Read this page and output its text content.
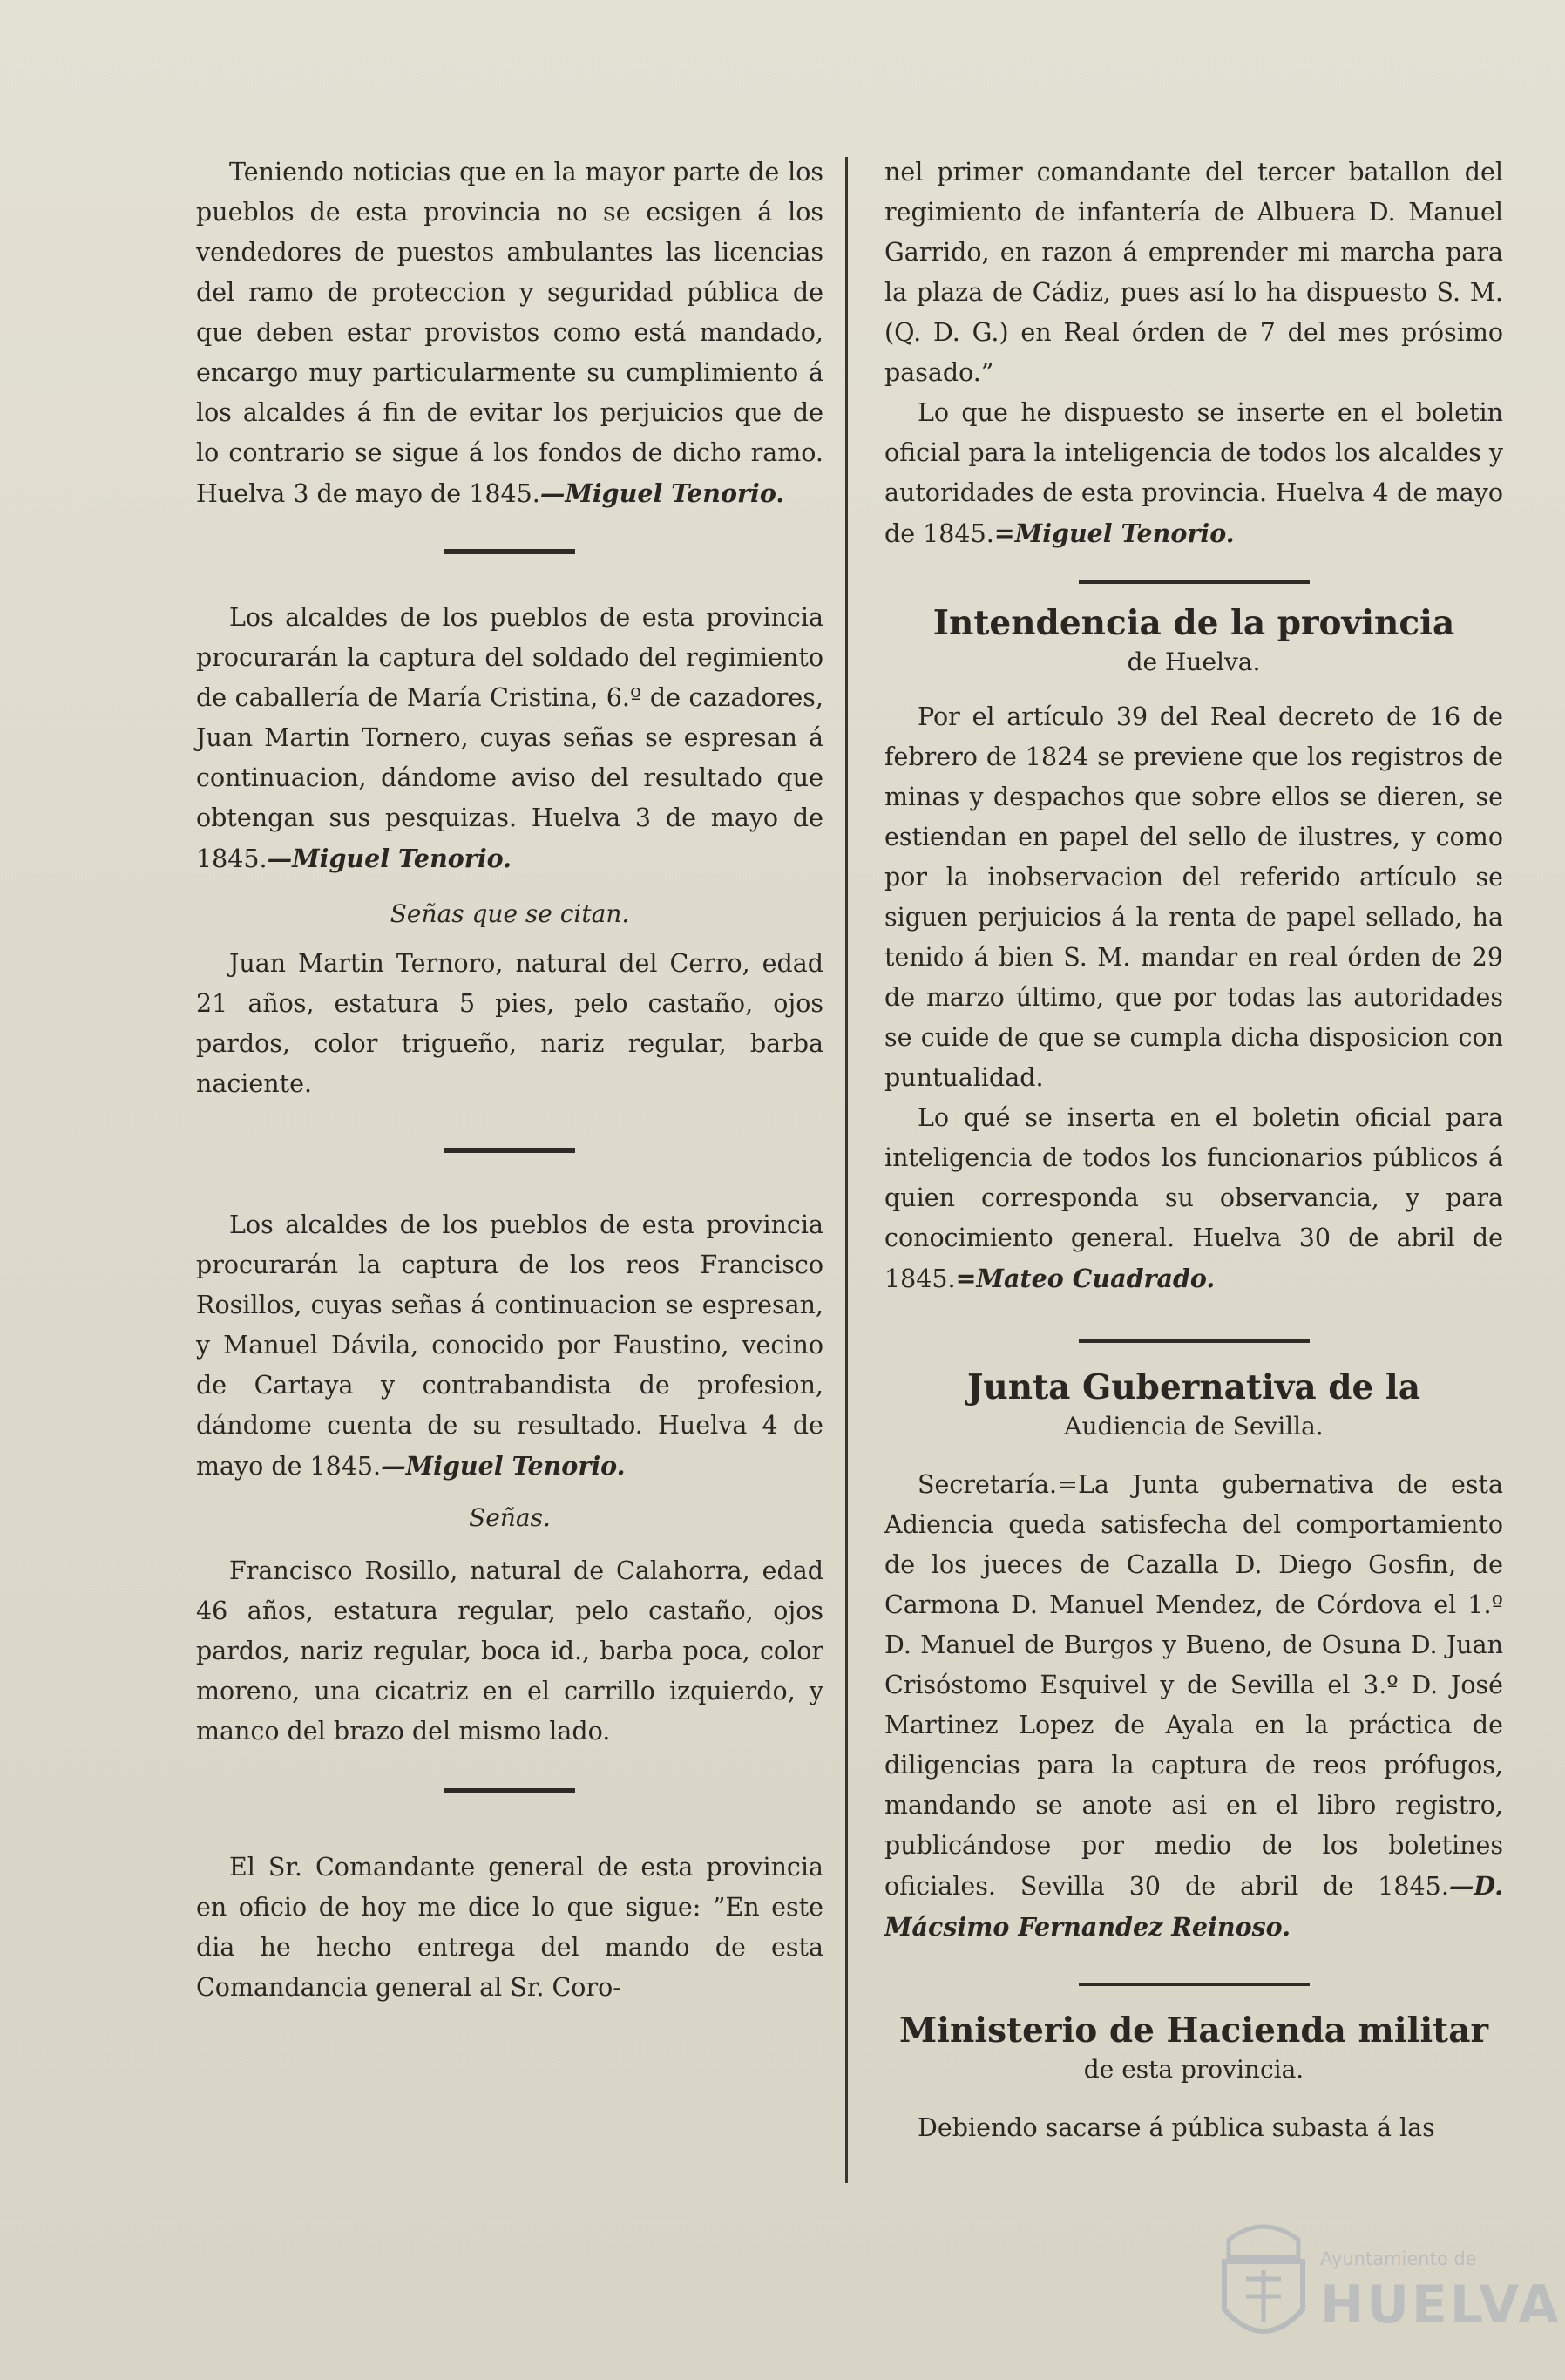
Teniendo noticias que en la mayor parte de los pueblos de esta provincia no se ecsigen á los vendedores de puestos ambulantes las licencias del ramo de proteccion y seguridad pública de que deben estar provistos como está mandado, encargo muy particularmente su cumplimiento á los alcaldes á fin de evitar los perjuicios que de lo contrario se sigue á los fondos de dicho ramo. Huelva 3 de mayo de 1845.—Miguel Tenorio.

Los alcaldes de los pueblos de esta provincia procurarán la captura del soldado del regimiento de caballería de María Cristina, 6.º de cazadores, Juan Martin Tornero, cuyas señas se espresan á continuacion, dándome aviso del resultado que obtengan sus pesquizas. Huelva 3 de mayo de 1845.—Miguel Tenorio.

Señas que se citan.

Juan Martin Ternoro, natural del Cerro, edad 21 años, estatura 5 pies, pelo castaño, ojos pardos, color trigueño, nariz regular, barba naciente.

Los alcaldes de los pueblos de esta provincia procurarán la captura de los reos Francisco Rosillos, cuyas señas á continuacion se espresan, y Manuel Dávila, conocido por Faustino, vecino de Cartaya y contrabandista de profesion, dándome cuenta de su resultado. Huelva 4 de mayo de 1845.—Miguel Tenorio.

Señas.

Francisco Rosillo, natural de Calahorra, edad 46 años, estatura regular, pelo castaño, ojos pardos, nariz regular, boca id., barba poca, color moreno, una cicatriz en el carrillo izquierdo, y manco del brazo del mismo lado.

El Sr. Comandante general de esta provincia en oficio de hoy me dice lo que sigue: ”En este dia he hecho entrega del mando de esta Comandancia general al Sr. Coro-

nel primer comandante del tercer batallon del regimiento de infantería de Albuera D. Manuel Garrido, en razon á emprender mi marcha para la plaza de Cádiz, pues así lo ha dispuesto S. M. (Q. D. G.) en Real órden de 7 del mes prósimo pasado.”

Lo que he dispuesto se inserte en el boletin oficial para la inteligencia de todos los alcaldes y autoridades de esta provincia. Huelva 4 de mayo de 1845.=Miguel Tenorio.

Intendencia de la provincia

de Huelva.

Por el artículo 39 del Real decreto de 16 de febrero de 1824 se previene que los registros de minas y despachos que sobre ellos se dieren, se estiendan en papel del sello de ilustres, y como por la inobservacion del referido artículo se siguen perjuicios á la renta de papel sellado, ha tenido á bien S. M. mandar en real órden de 29 de marzo último, que por todas las autoridades se cuide de que se cumpla dicha disposicion con puntualidad.

Lo qué se inserta en el boletin oficial para inteligencia de todos los funcionarios públicos á quien corresponda su observancia, y para conocimiento general. Huelva 30 de abril de 1845.=Mateo Cuadrado.

Junta Gubernativa de la

Audiencia de Sevilla.

Secretaría.=La Junta gubernativa de esta Adiencia queda satisfecha del comportamiento de los jueces de Cazalla D. Diego Gosfin, de Carmona D. Manuel Mendez, de Córdova el 1.º D. Manuel de Burgos y Bueno, de Osuna D. Juan Crisóstomo Esquivel y de Sevilla el 3.º D. José Martinez Lopez de Ayala en la práctica de diligencias para la captura de reos prófugos, mandando se anote asi en el libro registro, publicándose por medio de los boletines oficiales. Sevilla 30 de abril de 1845.—D. Mácsimo Fernandez Reinoso.

Ministerio de Hacienda militar

de esta provincia.

Debiendo sacarse á pública subasta á las

Ayuntamiento de
HUELVA
